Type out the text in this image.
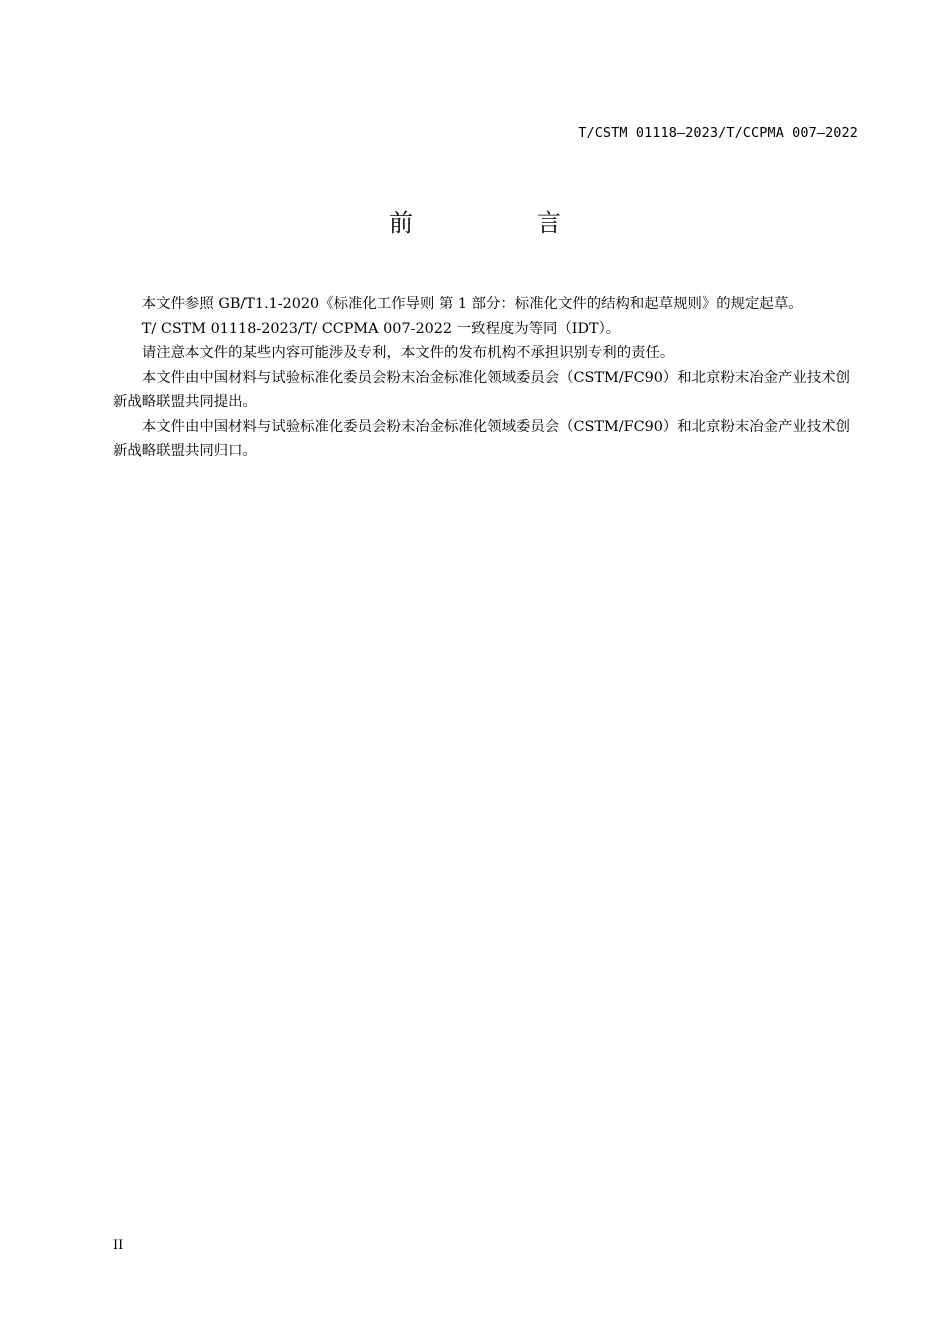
T/CSTM 01118—2023/T/CCPMA 007—2022
前　言

本文件参照 GB/T1.1-2020《标准化工作导则 第 1 部分：标准化文件的结构和起草规则》的规定起草。

T/ CSTM 01118-2023/T/ CCPMA 007-2022 一致程度为等同（IDT）。

请注意本文件的某些内容可能涉及专利，本文件的发布机构不承担识别专利的责任。

本文件由中国材料与试验标准化委员会粉末冶金标准化领域委员会（CSTM/FC90）和北京粉末冶金产业技术创新战略联盟共同提出。

本文件由中国材料与试验标准化委员会粉末冶金标准化领域委员会（CSTM/FC90）和北京粉末冶金产业技术创新战略联盟共同归口。

II
